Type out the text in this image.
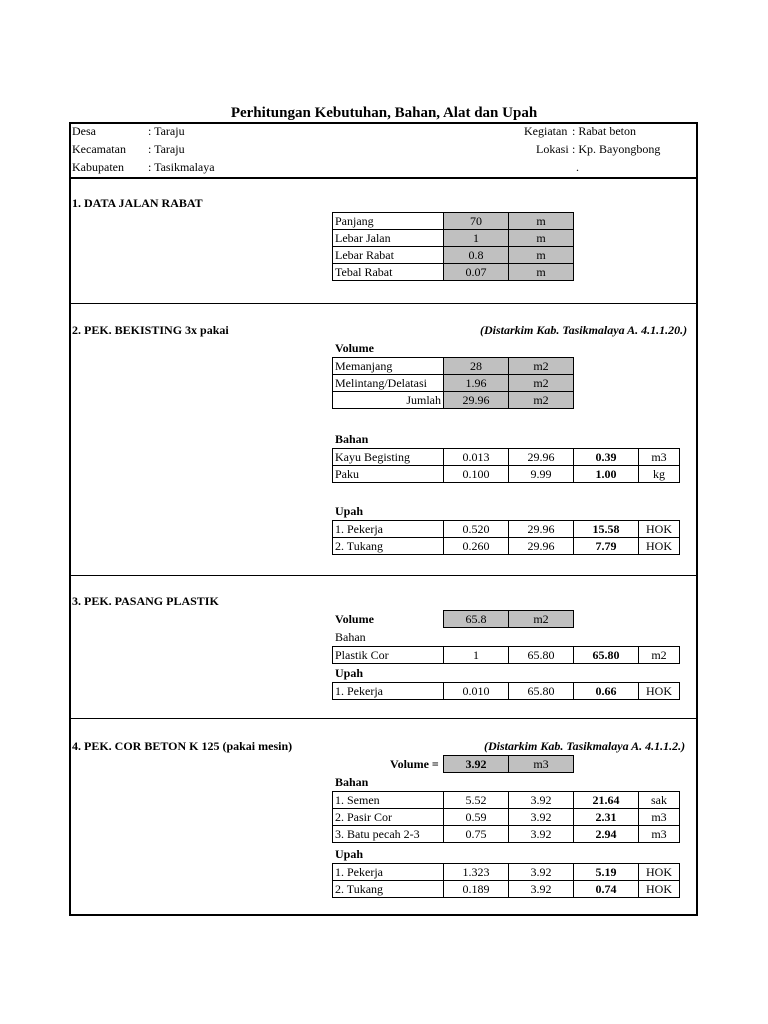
Perhitungan Kebutuhan, Bahan, Alat dan Upah
Desa	: Taraju
Kecamatan : Taraju
Kabupaten : Tasikmalaya
Kegiatan : Rabat beton
Lokasi : Kp. Bayongbong
.
1. DATA JALAN RABAT
Panjang	70	m
Lebar Jalan	1	m
Lebar Rabat	0.8	m
Tebal Rabat	0.07	m
2. PEK. BEKISTING 3x pakai	(Distarkim Kab. Tasikmalaya A. 4.1.1.20.)
Volume
Memanjang	28	m2
Melintang/Delatasi	1.96	m2
Jumlah	29.96	m2
Bahan
Kayu Begisting	0.013	29.96	0.39	m3
Paku	0.100	9.99	1.00	kg
Upah
1. Pekerja	0.520	29.96	15.58	HOK
2. Tukang	0.260	29.96	7.79	HOK
3. PEK. PASANG PLASTIK
Volume	65.8	m2
Bahan
Plastik Cor	1	65.80	65.80	m2
Upah
1. Pekerja	0.010	65.80	0.66	HOK
4. PEK. COR BETON K 125 (pakai mesin)	(Distarkim Kab. Tasikmalaya A. 4.1.1.2.)
Volume = 3.92	m3
Bahan
1. Semen	5.52	3.92	21.64	sak
2. Pasir Cor	0.59	3.92	2.31	m3
3. Batu pecah 2-3	0.75	3.92	2.94	m3
Upah
1. Pekerja	1.323	3.92	5.19	HOK
2. Tukang	0.189	3.92	0.74	HOK
